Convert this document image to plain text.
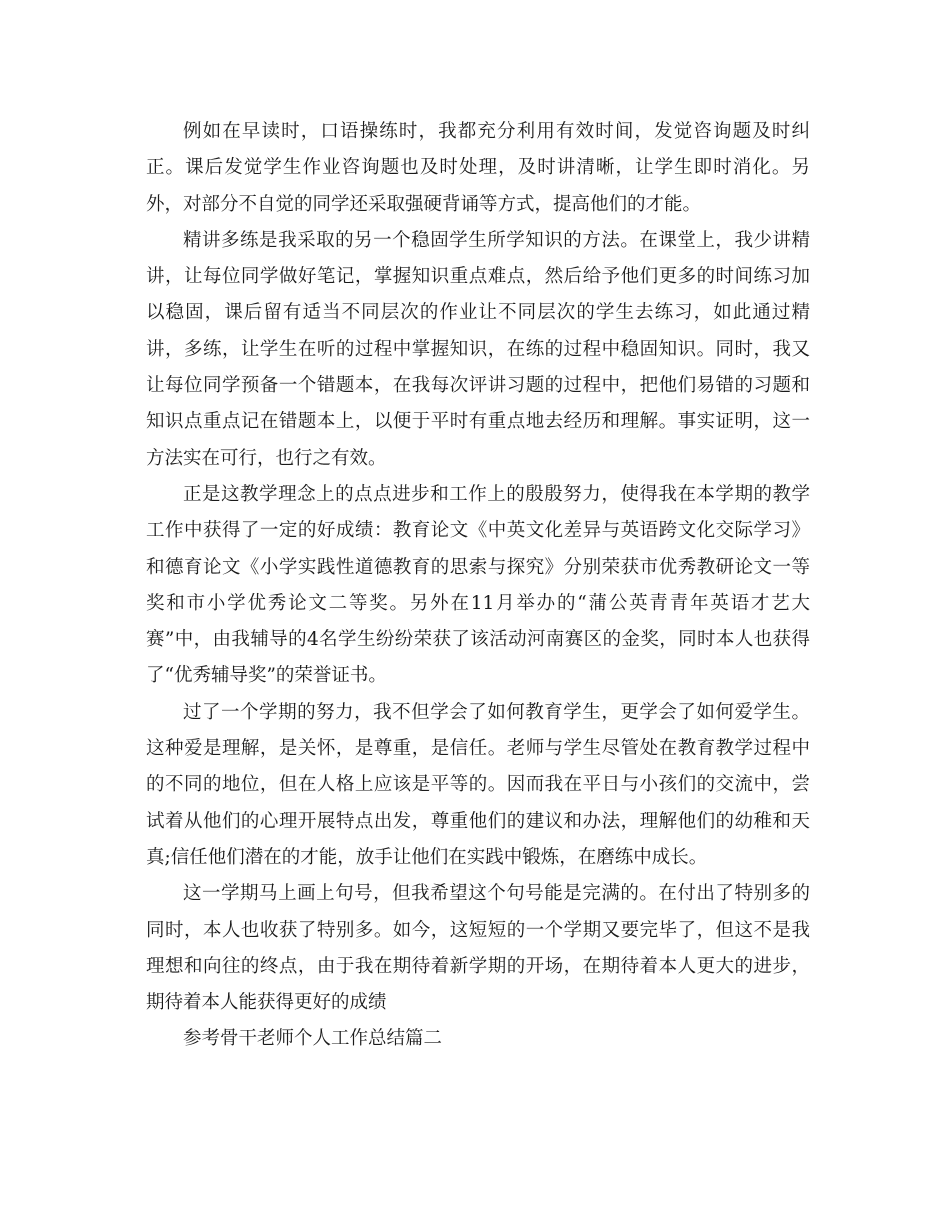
例如在早读时，口语操练时，我都充分利用有效时间，发觉咨询题及时纠正。课后发觉学生作业咨询题也及时处理，及时讲清晰，让学生即时消化。另外，对部分不自觉的同学还采取强硬背诵等方式，提高他们的才能。

精讲多练是我采取的另一个稳固学生所学知识的方法。在课堂上，我少讲精讲，让每位同学做好笔记，掌握知识重点难点，然后给予他们更多的时间练习加以稳固，课后留有适当不同层次的作业让不同层次的学生去练习，如此通过精讲，多练，让学生在听的过程中掌握知识，在练的过程中稳固知识。同时，我又让每位同学预备一个错题本，在我每次评讲习题的过程中，把他们易错的习题和知识点重点记在错题本上，以便于平时有重点地去经历和理解。事实证明，这一方法实在可行，也行之有效。

正是这教学理念上的点点进步和工作上的殷殷努力，使得我在本学期的教学工作中获得了一定的好成绩：教育论文《中英文化差异与英语跨文化交际学习》和德育论文《小学实践性道德教育的思索与探究》分别荣获市优秀教研论文一等奖和市小学优秀论文二等奖。另外在11月举办的“蒲公英青青年英语才艺大赛”中，由我辅导的4名学生纷纷荣获了该活动河南赛区的金奖，同时本人也获得了“优秀辅导奖”的荣誉证书。

过了一个学期的努力，我不但学会了如何教育学生，更学会了如何爱学生。这种爱是理解，是关怀，是尊重，是信任。老师与学生尽管处在教育教学过程中的不同的地位，但在人格上应该是平等的。因而我在平日与小孩们的交流中，尝试着从他们的心理开展特点出发，尊重他们的建议和办法，理解他们的幼稚和天真;信任他们潜在的才能，放手让他们在实践中锻炼，在磨练中成长。

这一学期马上画上句号，但我希望这个句号能是完满的。在付出了特别多的同时，本人也收获了特别多。如今，这短短的一个学期又要完毕了，但这不是我理想和向往的终点，由于我在期待着新学期的开场，在期待着本人更大的进步，期待着本人能获得更好的成绩

参考骨干老师个人工作总结篇二
